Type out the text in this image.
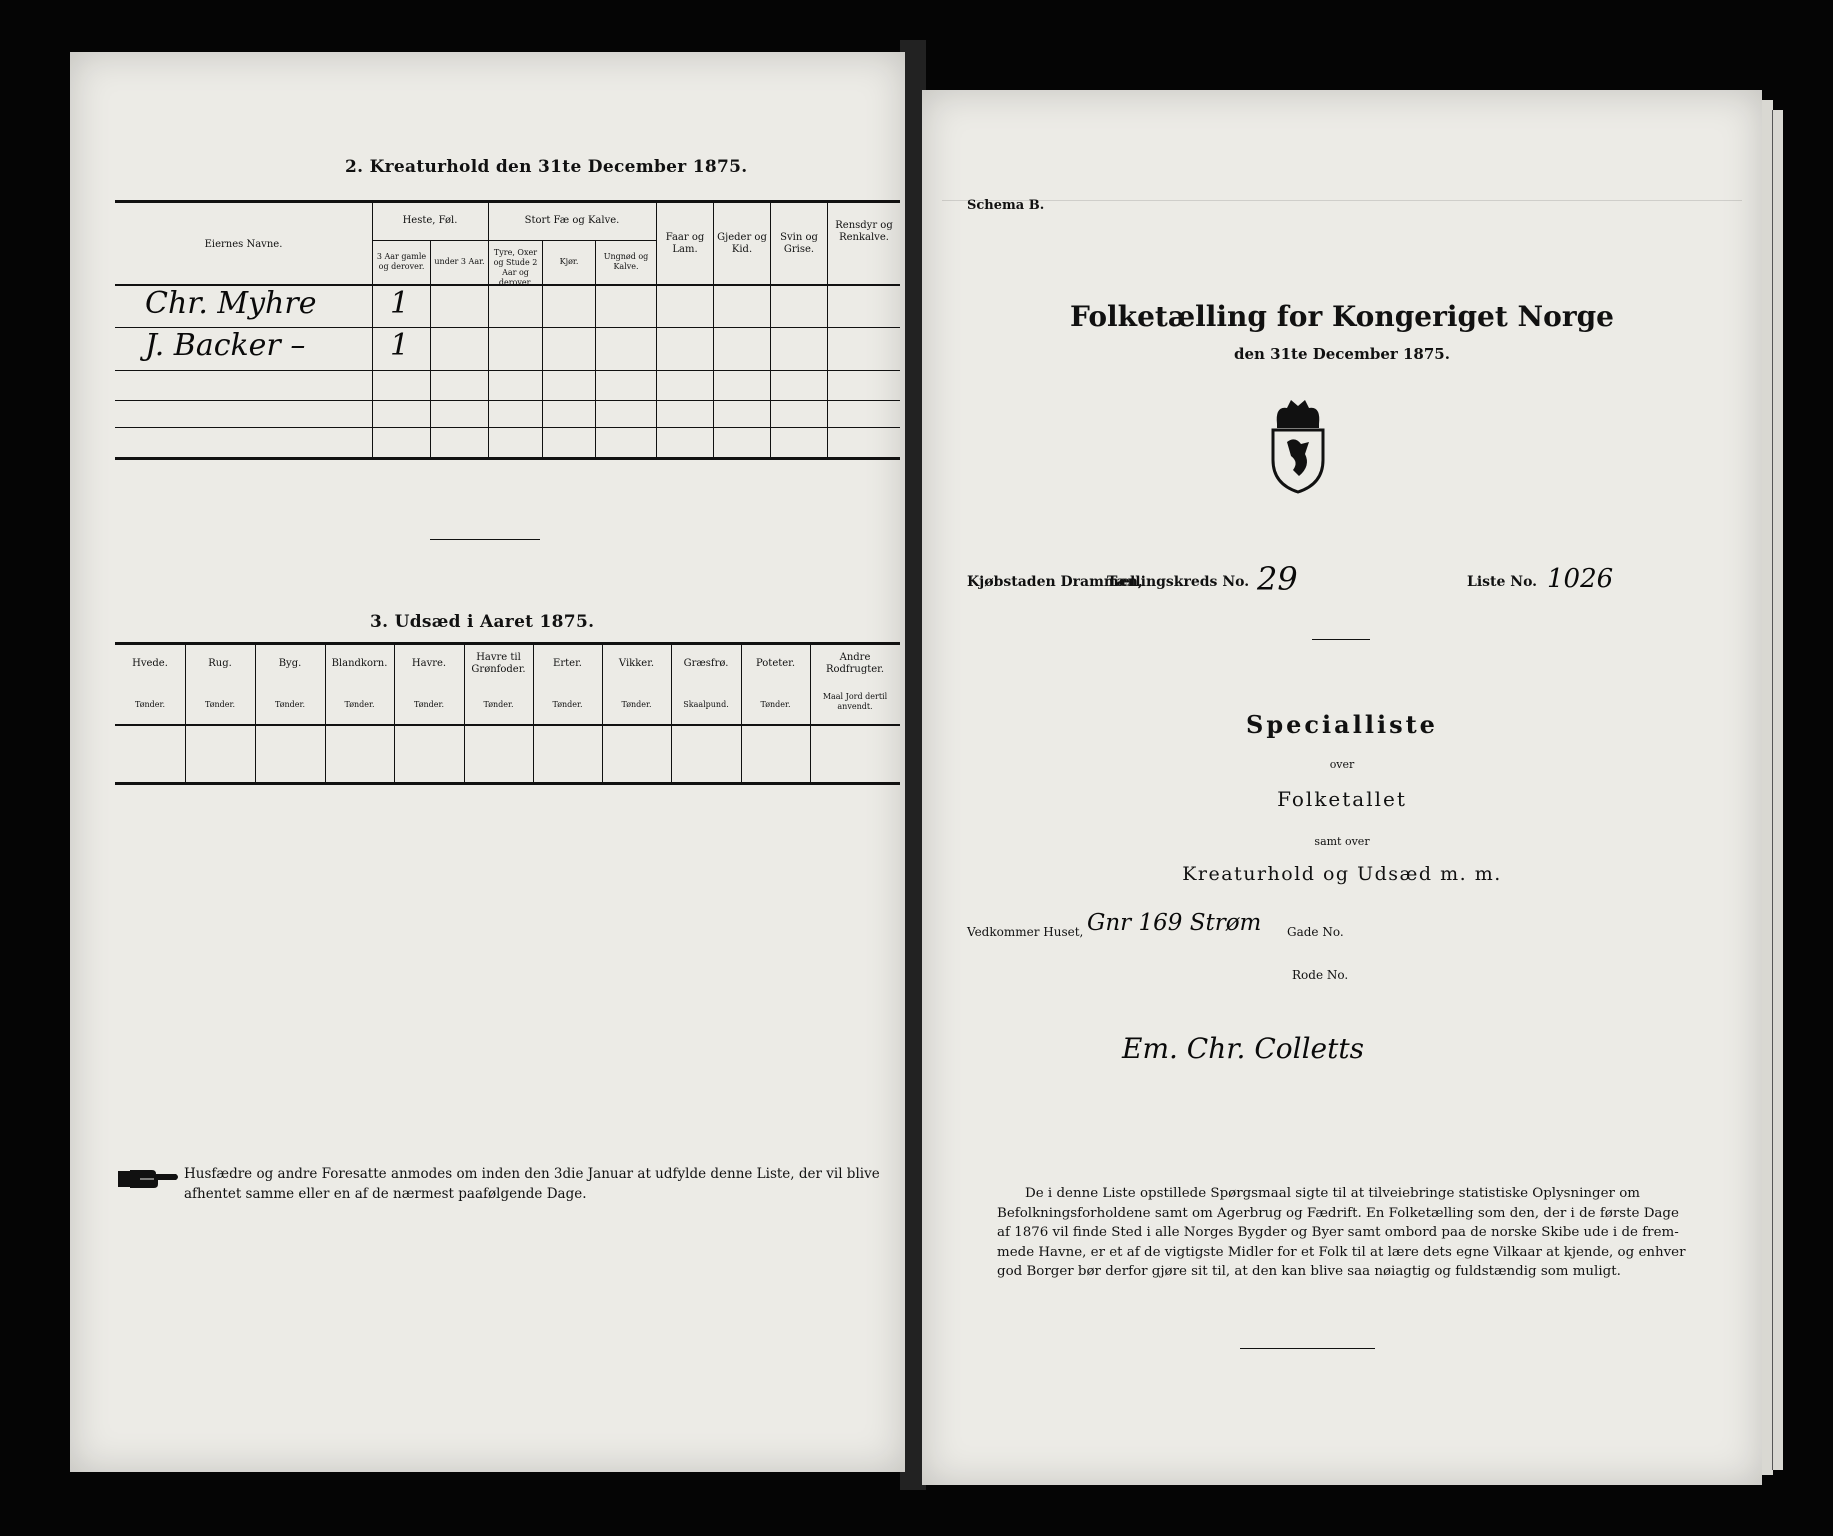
2. Kreaturhold den 31te December 1875.
Eiernes Navne.
Heste, Føl.
3 Aar gamle og derover.
under 3 Aar.
Stort Fæ og Kalve.
Tyre, Oxer og Stude 2 Aar og derover.
Kjør.
Ungnød og Kalve.
Faar og Lam.
Gjeder og Kid.
Svin og Grise.
Rensdyr og Renkalve.
Chr. Myhre 1
J. Backer –	1
3. Udsæd i Aaret 1875.
Hvede.
Tønder.
Rug.
Tønder.
Byg.
Tønder.
Blandkorn.
Tønder.
Havre.
Tønder.
Havre til Grønfoder.
Tønder.
Erter.
Tønder.
Vikker.
Tønder.
Græsfrø.
Skaalpund.
Poteter.
Tønder.
Andre Rodfrugter.
Maal Jord dertil anvendt.
Husfædre og andre Foresatte anmodes om inden den 3die Januar at udfylde denne Liste, der vil blive
afhentet samme eller en af de nærmest paafølgende Dage.
Schema B.
Folketælling for Kongeriget Norge
den 31te December 1875.
Kjøbstaden Drammen,
Tællingskreds No. 29	Liste No. 1026
Specialliste
over
Folketallet
samt over
Kreaturhold og Udsæd m. m.
Vedkommer Huset, Gnr 169 Strøm Gade No.
Rode No.
Em. Chr. Colletts
De i denne Liste opstillede Spørgsmaal sigte til at tilveiebringe statistiske Oplysninger om
Befolkningsforholdene samt om Agerbrug og Fædrift. En Folketælling som den, der i de første Dage
af 1876 vil finde Sted i alle Norges Bygder og Byer samt ombord paa de norske Skibe ude i de frem-
mede Havne, er et af de vigtigste Midler for et Folk til at lære dets egne Vilkaar at kjende, og enhver
god Borger bør derfor gjøre sit til, at den kan blive saa nøiagtig og fuldstændig som muligt.
